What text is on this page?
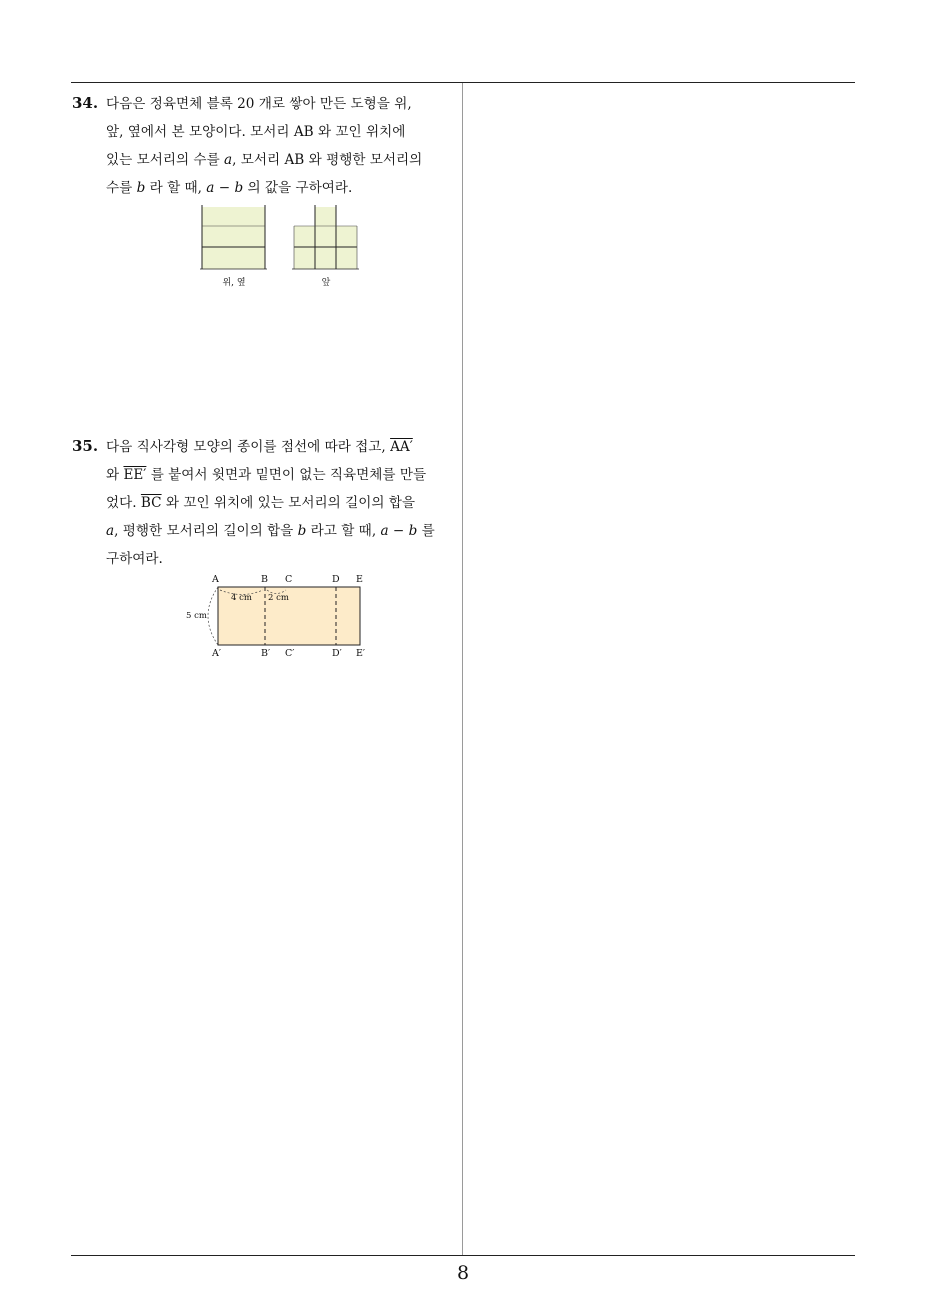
8
34. 다음은 정육면체 블록 20 개로 쌓아 만든 도형을 위,
앞, 옆에서 본 모양이다. 모서리 AB 와 꼬인 위치에
있는 모서리의 수를 a, 모서리 AB 와 평행한 모서리의
수를 b 라 할 때, a − b 의 값을 구하여라.
위, 옆	앞
35. 다음 직사각형 모양의 종이를 점선에 따라 접고, AA′
와 EE′ 를 붙여서 윗면과 밑면이 없는 직육면체를 만들
었다. $\overline{BC}$ 와 꼬인 위치에 있는 모서리의 길이의 합을
a, 평행한 모서리의 길이의 합을 b 라고 할 때, a − b 를
구하여라.
A	B C	D E
A′	B′ C′	D′ E′
4 cm 2 cm
5 cm
